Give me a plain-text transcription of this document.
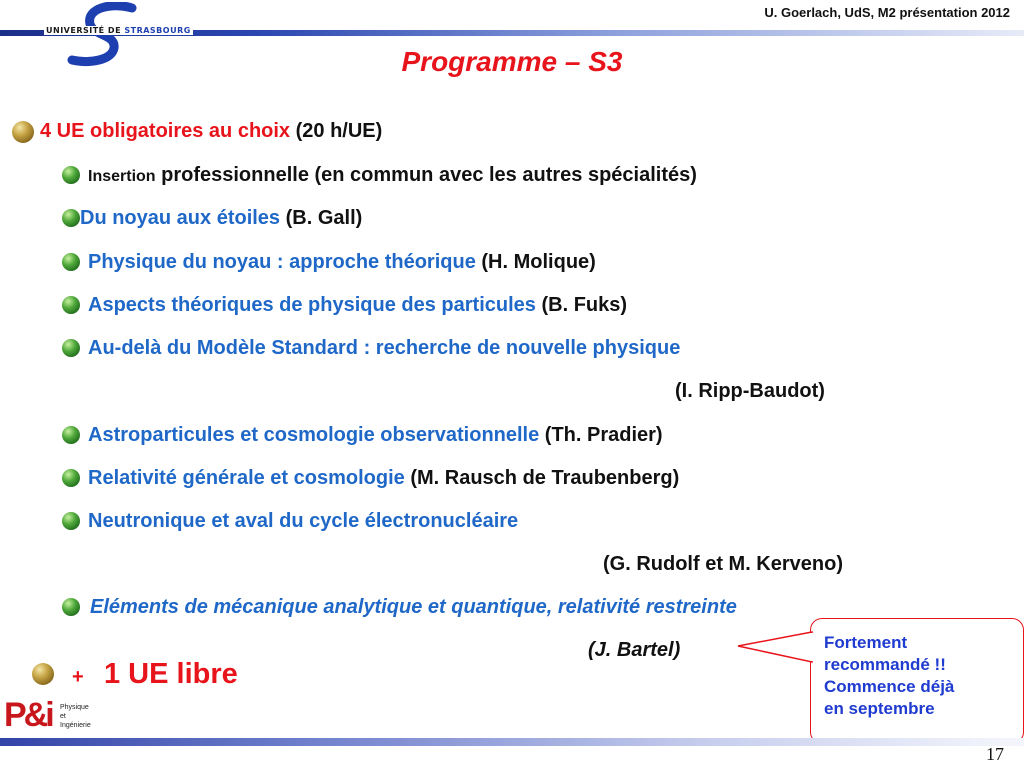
UNIVERSITÉ DE STRASBOURG
U. Goerlach, UdS, M2 présentation 2012
Programme – S3
4 UE obligatoires au choix (20 h/UE)
Insertion professionnelle (en commun avec les autres spécialités)
Du noyau aux étoiles (B. Gall)
Physique du noyau : approche théorique (H. Molique)
Aspects théoriques de physique des particules (B. Fuks)
Au-delà du Modèle Standard : recherche de nouvelle physique
(I. Ripp-Baudot)
Astroparticules et cosmologie observationnelle (Th. Pradier)
Relativité générale et cosmologie (M. Rausch de Traubenberg)
Neutronique et aval du cycle électronucléaire
(G. Rudolf et M. Kerveno)
Eléments de mécanique analytique et quantique, relativité restreinte
(J. Bartel)	Fortement
recommandé !!
Commence déjà
en septembre
+ 1 UE libre
P&i Physique
et
Ingénierie
17
